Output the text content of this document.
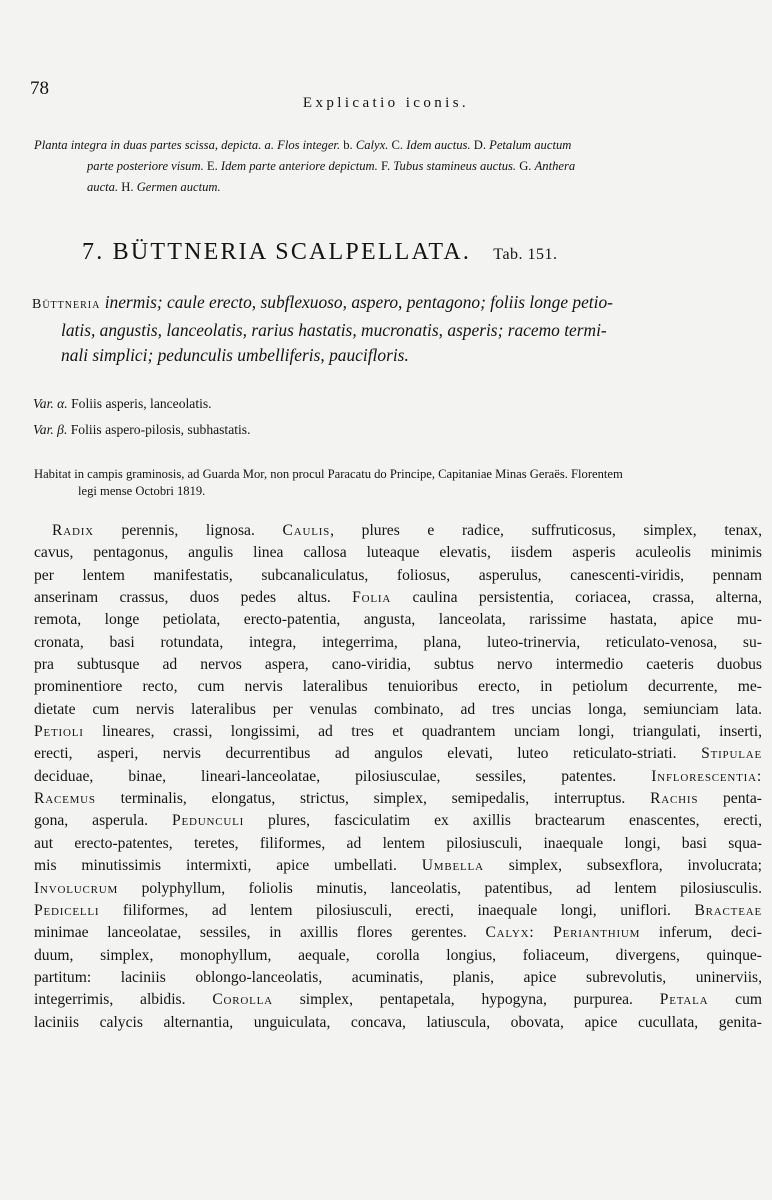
78
Explicatio iconis.
Planta integra in duas partes scissa, depicta. a. Flos integer. b. Calyx. C. Idem auctus. D. Petalum auctum
parte posteriore visum. E. Idem parte anteriore depictum. F. Tubus stamineus auctus. G. Anthera
aucta. H. Germen auctum.
7. BÜTTNERIA SCALPELLATA. Tab. 151.
Büttneria inermis; caule erecto, subflexuoso, aspero, pentagono; foliis longe petio-
latis, angustis, lanceolatis, rarius hastatis, mucronatis, asperis; racemo termi-
nali simplici; pedunculis umbelliferis, paucifloris.
Var. α. Foliis asperis, lanceolatis.
Var. β. Foliis aspero-pilosis, subhastatis.
Habitat in campis graminosis, ad Guarda Mor, non procul Paracatu do Principe, Capitaniae Minas Geraës. Florentem
legi mense Octobri 1819.
Radix perennis, lignosa. Caulis, plures e radice, suffruticosus, simplex, tenax,
cavus, pentagonus, angulis linea callosa luteaque elevatis, iisdem asperis aculeolis minimis
per lentem manifestatis, subcanaliculatus, foliosus, asperulus, canescenti-viridis, pennam
anserinam crassus, duos pedes altus. Folia caulina persistentia, coriacea, crassa, alterna,
remota, longe petiolata, erecto-patentia, angusta, lanceolata, rarissime hastata, apice mu-
cronata, basi rotundata, integra, integerrima, plana, luteo-trinervia, reticulato-venosa, su-
pra subtusque ad nervos aspera, cano-viridia, subtus nervo intermedio caeteris duobus
prominentiore recto, cum nervis lateralibus tenuioribus erecto, in petiolum decurrente, me-
dietate cum nervis lateralibus per venulas combinato, ad tres uncias longa, semiunciam lata.
Petioli lineares, crassi, longissimi, ad tres et quadrantem unciam longi, triangulati, inserti,
erecti, asperi, nervis decurrentibus ad angulos elevati, luteo reticulato-striati. Stipulae
deciduae, binae, lineari-lanceolatae, pilosiusculae, sessiles, patentes. Inflorescentia:
Racemus terminalis, elongatus, strictus, simplex, semipedalis, interruptus. Rachis penta-
gona, asperula. Pedunculi plures, fasciculatim ex axillis bractearum enascentes, erecti,
aut erecto-patentes, teretes, filiformes, ad lentem pilosiusculi, inaequale longi, basi squa-
mis minutissimis intermixti, apice umbellati. Umbella simplex, subsexflora, involucrata;
Involucrum polyphyllum, foliolis minutis, lanceolatis, patentibus, ad lentem pilosiusculis.
Pedicelli filiformes, ad lentem pilosiusculi, erecti, inaequale longi, uniflori. Bracteae
minimae lanceolatae, sessiles, in axillis flores gerentes. Calyx: Perianthium inferum, deci-
duum, simplex, monophyllum, aequale, corolla longius, foliaceum, divergens, quinque-
partitum: laciniis oblongo-lanceolatis, acuminatis, planis, apice subrevolutis, uninerviis,
integerrimis, albidis. Corolla simplex, pentapetala, hypogyna, purpurea. Petala cum
laciniis calycis alternantia, unguiculata, concava, latiuscula, obovata, apice cucullata, genita-
